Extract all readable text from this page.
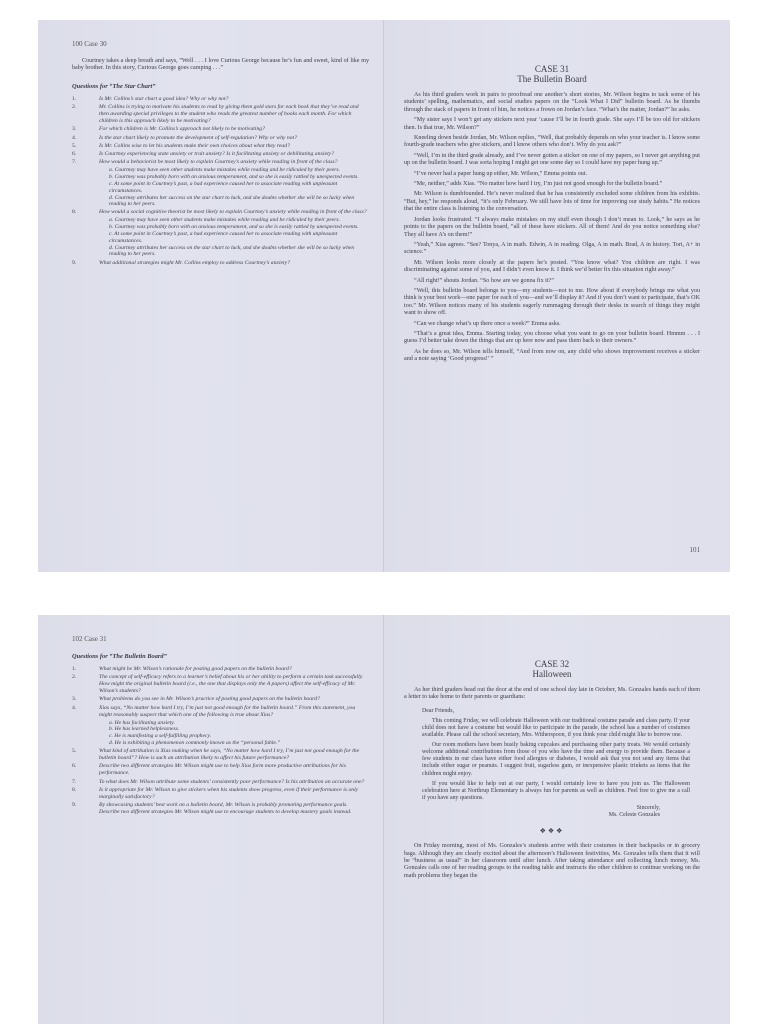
100 Case 30

Courtney takes a deep breath and says, “Well . . . I love Curious George because he’s fun and sweet, kind of like my baby brother. In this story, Curious George goes camping . . .”

Questions for “The Star Chart”
1.	Is Mr. Collins’s star chart a good idea? Why or why not?
2.	Mr. Collins is trying to motivate his students to read by giving them gold stars for each book that they’ve read and then awarding special privileges to the student who reads the greatest number of books each month. For which children is this approach likely to be motivating?
3.	For which children is Mr. Collins’s approach not likely to be motivating?
4.	Is the star chart likely to promote the development of self-regulation? Why or why not?
5.	Is Mr. Collins wise to let his students make their own choices about what they read?
6.	Is Courtney experiencing state anxiety or trait anxiety? Is it facilitating anxiety or debilitating anxiety?
7.	How would a behaviorist be most likely to explain Courtney’s anxiety while reading in front of the class?
a. Courtney may have seen other students make mistakes while reading and be ridiculed by their peers.
b. Courtney was probably born with an anxious temperament, and so she is easily rattled by unexpected events.
c. At some point in Courtney’s past, a bad experience caused her to associate reading with unpleasant circumstances.
d. Courtney attributes her success on the star chart to luck, and she doubts whether she will be so lucky when reading to her peers.
8.	How would a social cognitive theorist be most likely to explain Courtney’s anxiety while reading in front of the class?
a. Courtney may have seen other students make mistakes while reading and be ridiculed by their peers.
b. Courtney was probably born with an anxious temperament, and so she is easily rattled by unexpected events.
c. At some point in Courtney’s past, a bad experience caused her to associate reading with unpleasant circumstances.
d. Courtney attributes her success on the star chart to luck, and she doubts whether she will be so lucky when reading to her peers.
9.	What additional strategies might Mr. Collins employ to address Courtney’s anxiety?
CASE 31
The Bulletin Board

As his third graders work in pairs to proofread one another’s short stories, Mr. Wilson begins to tack some of his students’ spelling, mathematics, and social studies papers on the “Look What I Did” bulletin board. As he thumbs through the stack of papers in front of him, he notices a frown on Jordan’s face. “What’s the matter, Jordan?” he asks.

“My sister says I won’t get any stickers next year ’cause I’ll be in fourth grade. She says I’ll be too old for stickers then. Is that true, Mr. Wilson?”

Kneeling down beside Jordan, Mr. Wilson replies, “Well, that probably depends on who your teacher is. I know some fourth-grade teachers who give stickers, and I know others who don’t. Why do you ask?”

“Well, I’m in the third grade already, and I’ve never gotten a sticker on one of my papers, so I never get anything put up on the bulletin board. I was sorta hoping I might get one some day so I could have my paper hung up.”

“I’ve never had a paper hung up either, Mr. Wilson,” Emma points out.

“Me, neither,” adds Xias. “No matter how hard I try, I’m just not good enough for the bulletin board.”

Mr. Wilson is dumbfounded. He’s never realized that he has consistently excluded some children from his exhibits. “But, hey,” he responds aloud, “it’s only February. We still have lots of time for improving our study habits.” He notices that the entire class is listening to the conversation.

Jordan looks frustrated. “I always make mistakes on my stuff even though I don’t mean to. Look,” he says as he points to the papers on the bulletin board, “all of these have stickers. All of them! And do you notice something else? They all have A’s on them!”

“Yeah,” Xias agrees. “See? Tonya, A in math. Edwin, A in reading. Olga, A in math. Brad, A in history. Tori, A+ in science.”

Mr. Wilson looks more closely at the papers he’s posted. “You know what? You children are right. I was discriminating against some of you, and I didn’t even know it. I think we’d better fix this situation right away.”

“All right!” shouts Jordan. “So how are we gonna fix it?”

“Well, this bulletin board belongs to you—my students—not to me. How about if everybody brings me what you think is your best work—one paper for each of you—and we’ll display it? And if you don’t want to participate, that’s OK too.” Mr. Wilson notices many of his students eagerly rummaging through their desks in search of things they might want to show off.

“Can we change what’s up there once a week?” Emma asks.

“That’s a great idea, Emma. Starting today, you choose what you want to go on your bulletin board. Hmmm . . . I guess I’d better take down the things that are up here now and pass them back to their owners.”

As he does so, Mr. Wilson tells himself, “And from now on, any child who shows improvement receives a sticker and a note saying ‘Good progress!’ ”

101
102 Case 31
Questions for “The Bulletin Board”
1.	What might be Mr. Wilson’s rationale for posting good papers on the bulletin board?
2.	The concept of self-efficacy refers to a learner’s belief about his or her ability to perform a certain task successfully. How might the original bulletin board (i.e., the one that displays only the A papers) affect the self-efficacy of Mr. Wilson’s students?
3.	What problems do you see in Mr. Wilson’s practice of posting good papers on the bulletin board?
4.	Xias says, “No matter how hard I try, I’m just not good enough for the bulletin board.” From this statement, you might reasonably suspect that which one of the following is true about Xias?
a. He has facilitating anxiety.
b. He has learned helplessness.
c. He is manifesting a self-fulfilling prophecy.
d. He is exhibiting a phenomenon commonly known as the “personal fable.”
5.	What kind of attribution is Xias making when he says, “No matter how hard I try, I’m just not good enough for the bulletin board”? How is such an attribution likely to affect his future performance?
6.	Describe two different strategies Mr. Wilson might use to help Xias form more productive attributions for his performance.
7.	To what does Mr. Wilson attribute some students’ consistently poor performance? Is his attribution an accurate one?
8.	Is it appropriate for Mr. Wilson to give stickers when his students show progress, even if their performance is only marginally satisfactory?
9.	By showcasing students’ best work on a bulletin board, Mr. Wilson is probably promoting performance goals. Describe two different strategies Mr. Wilson might use to encourage students to develop mastery goals instead.
CASE 32
Halloween

As her third graders head out the door at the end of one school day late in October, Ms. Gonzales hands each of them a letter to take home to their parents or guardians:

Dear Friends,

This coming Friday, we will celebrate Halloween with our traditional costume parade and class party. If your child does not have a costume but would like to participate in the parade, the school has a number of costumes available. Please call the school secretary, Mrs. Witherspoon, if you think your child might like to borrow one.

Our room mothers have been busily baking cupcakes and purchasing other party treats. We would certainly welcome additional contributions from those of you who have the time and energy to provide them. Because a few students in our class have either food allergies or diabetes, I would ask that you not send any items that include either sugar or peanuts. I suggest fruit, sugarless gum, or inexpensive plastic trinkets as items that the children might enjoy.

If you would like to help out at our party, I would certainly love to have you join us. The Halloween celebration here at Northrup Elementary is always fun for parents as well as children. Feel free to give me a call if you have any questions.

Sincerely,
Ms. Celeste Gonzales
❖❖❖

On Friday morning, most of Ms. Gonzales’s students arrive with their costumes in their backpacks or in grocery bags. Although they are clearly excited about the afternoon’s Halloween festivities, Ms. Gonzales tells them that it will be “business as usual” in her classroom until after lunch. After taking attendance and collecting lunch money, Ms. Gonzales calls one of her reading groups to the reading table and instructs the other children to continue working on the math problems they began the
